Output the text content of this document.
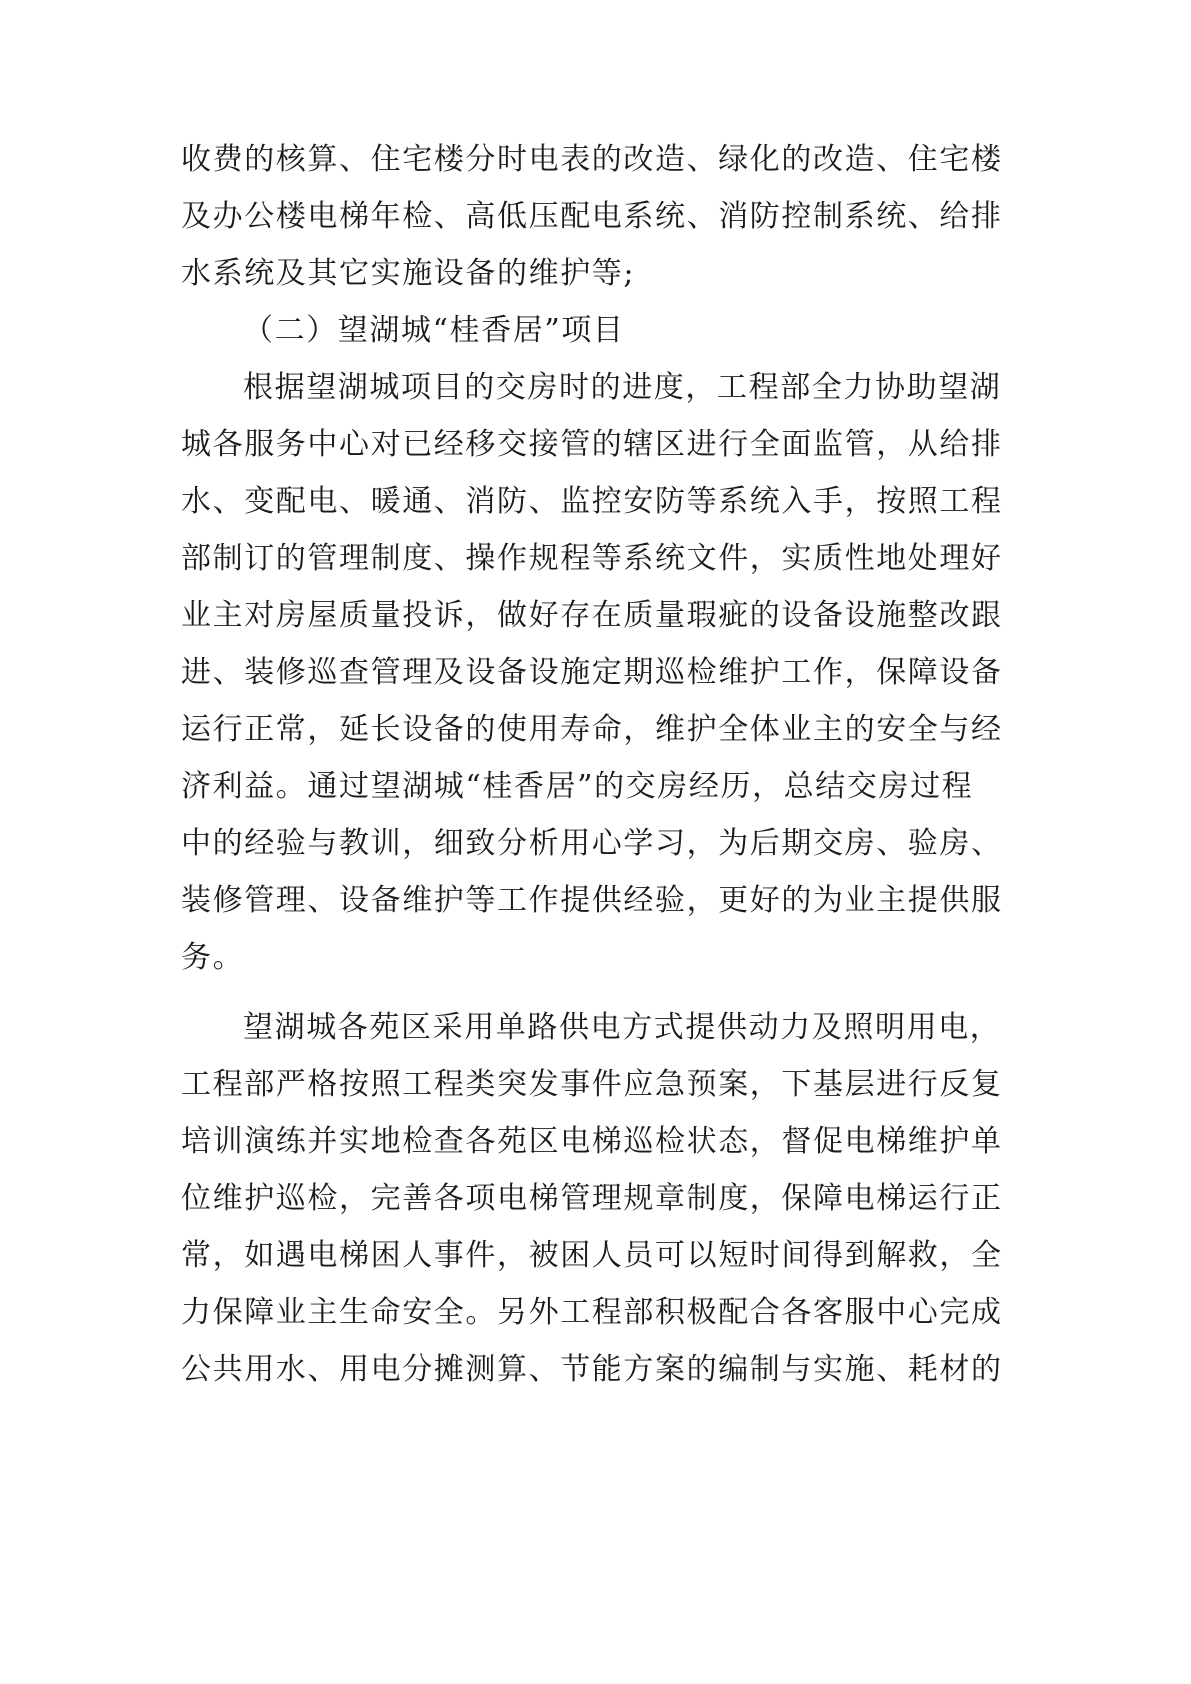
收费的核算、住宅楼分时电表的改造、绿化的改造、住宅楼
及办公楼电梯年检、高低压配电系统、消防控制系统、给排
水系统及其它实施设备的维护等;
（二）望湖城“桂香居”项目
根据望湖城项目的交房时的进度，工程部全力协助望湖
城各服务中心对已经移交接管的辖区进行全面监管，从给排
水、变配电、暖通、消防、监控安防等系统入手，按照工程
部制订的管理制度、操作规程等系统文件，实质性地处理好
业主对房屋质量投诉，做好存在质量瑕疵的设备设施整改跟
进、装修巡查管理及设备设施定期巡检维护工作，保障设备
运行正常，延长设备的使用寿命，维护全体业主的安全与经
济利益。通过望湖城“桂香居”的交房经历，总结交房过程
中的经验与教训，细致分析用心学习，为后期交房、验房、
装修管理、设备维护等工作提供经验，更好的为业主提供服
务。
望湖城各苑区采用单路供电方式提供动力及照明用电，
工程部严格按照工程类突发事件应急预案，下基层进行反复
培训演练并实地检查各苑区电梯巡检状态，督促电梯维护单
位维护巡检，完善各项电梯管理规章制度，保障电梯运行正
常，如遇电梯困人事件，被困人员可以短时间得到解救，全
力保障业主生命安全。另外工程部积极配合各客服中心完成
公共用水、用电分摊测算、节能方案的编制与实施、耗材的
